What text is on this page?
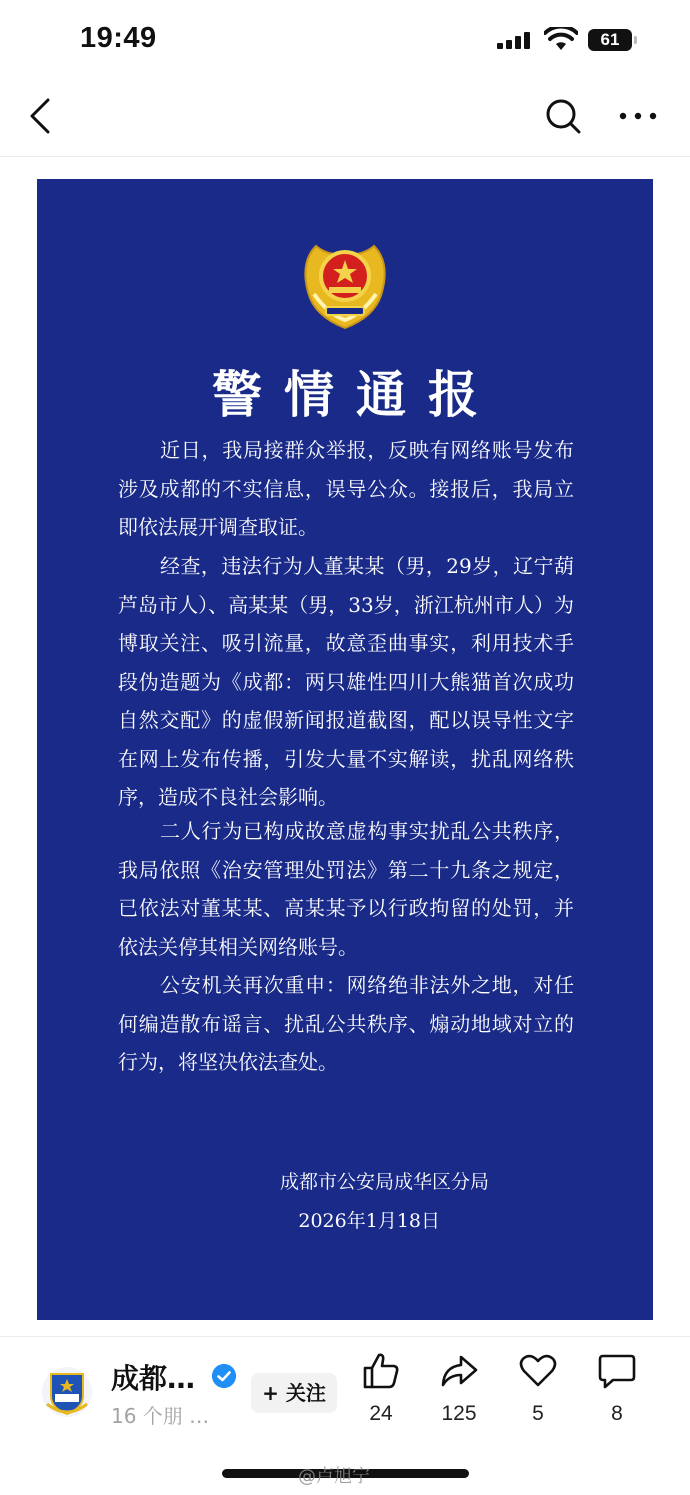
19:49	61
警情通报

近日，我局接群众举报，反映有网络账号发布涉及成都的不实信息，误导公众。接报后，我局立即依法展开调查取证。

经查，违法行为人董某某（男，29岁，辽宁葫芦岛市人）、高某某（男，33岁，浙江杭州市人）为博取关注、吸引流量，故意歪曲事实，利用技术手段伪造题为《成都：两只雄性四川大熊猫首次成功自然交配》的虚假新闻报道截图，配以误导性文字在网上发布传播，引发大量不实解读，扰乱网络秩序，造成不良社会影响。

二人行为已构成故意虚构事实扰乱公共秩序，我局依照《治安管理处罚法》第二十九条之规定，已依法对董某某、高某某予以行政拘留的处罚，并依法关停其相关网络账号。

公安机关再次重申：网络绝非法外之地，对任何编造散布谣言、扰乱公共秩序、煽动地域对立的行为，将坚决依法查处。

成都市公安局成华区分局
2026年1月18日
成都…
16 个朋 …
+ 关注
24	125	5	8
@卢旭宁
